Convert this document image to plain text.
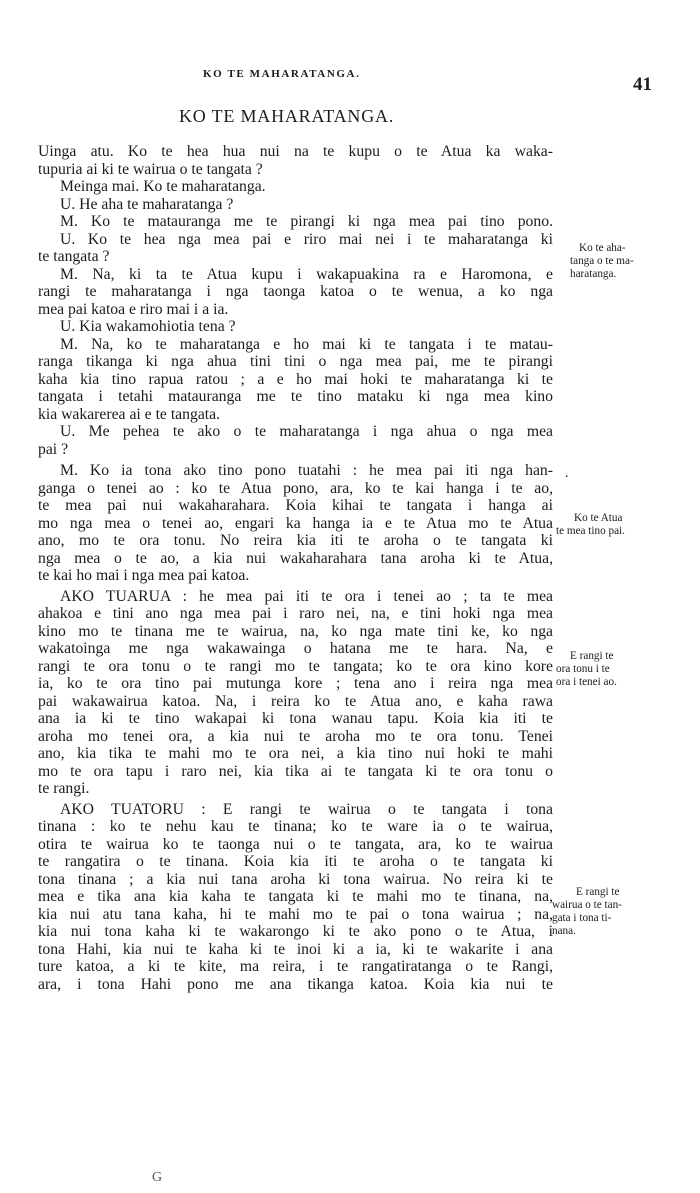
KO TE MAHARATANGA.	41
KO TE MAHARATANGA.
Uinga atu. Ko te hea hua nui na te kupu o te Atua ka waka-
tupuria ai ki te wairua o te tangata ?
Meinga mai. Ko te maharatanga.
U. He aha te maharatanga ?
M. Ko te matauranga me te pirangi ki nga mea pai tino pono.
U. Ko te hea nga mea pai e riro mai nei i te maharatanga ki
te tangata ?
M. Na, ki ta te Atua kupu i wakapuakina ra e Haromona, e
rangi te maharatanga i nga taonga katoa o te wenua, a ko nga
mea pai katoa e riro mai i a ia.
U. Kia wakamohiotia tena ?
M. Na, ko te maharatanga e ho mai ki te tangata i te matau-
ranga tikanga ki nga ahua tini tini o nga mea pai, me te pirangi
kaha kia tino rapua ratou ; a e ho mai hoki te maharatanga ki te
tangata i tetahi matauranga me te tino mataku ki nga mea kino
kia wakarerea ai e te tangata.
U. Me pehea te ako o te maharatanga i nga ahua o nga mea
pai ?
M. Ko ia tona ako tino pono tuatahi : he mea pai iti nga han-
ganga o tenei ao : ko te Atua pono, ara, ko te kai hanga i te ao,
te mea pai nui wakaharahara. Koia kihai te tangata i hanga ai
mo nga mea o tenei ao, engari ka hanga ia e te Atua mo te Atua
ano, mo te ora tonu. No reira kia iti te aroha o te tangata ki
nga mea o te ao, a kia nui wakaharahara tana aroha ki te Atua,
te kai ho mai i nga mea pai katoa.
AKO TUARUA : he mea pai iti te ora i tenei ao ; ta te mea
ahakoa e tini ano nga mea pai i raro nei, na, e tini hoki nga mea
kino mo te tinana me te wairua, na, ko nga mate tini ke, ko nga
wakatoinga me nga wakawainga o hatana me te hara. Na, e
rangi te ora tonu o te rangi mo te tangata; ko te ora kino kore
ia, ko te ora tino pai mutunga kore ; tena ano i reira nga mea
pai wakawairua katoa. Na, i reira ko te Atua ano, e kaha rawa
ana ia ki te tino wakapai ki tona wanau tapu. Koia kia iti te
aroha mo tenei ora, a kia nui te aroha mo te ora tonu. Tenei
ano, kia tika te mahi mo te ora nei, a kia tino nui hoki te mahi
mo te ora tapu i raro nei, kia tika ai te tangata ki te ora tonu o
te rangi.
AKO TUATORU : E rangi te wairua o te tangata i tona
tinana : ko te nehu kau te tinana; ko te ware ia o te wairua,
otira te wairua ko te taonga nui o te tangata, ara, ko te wairua
te rangatira o te tinana. Koia kia iti te aroha o te tangata ki
tona tinana ; a kia nui tana aroha ki tona wairua. No reira ki te
mea e tika ana kia kaha te tangata ki te mahi mo te tinana, na,
kia nui atu tana kaha, hi te mahi mo te pai o tona wairua ; na,
kia nui tona kaha ki te wakarongo ki te ako pono o te Atua, i
tona Hahi, kia nui te kaha ki te inoi ki a ia, ki te wakarite i ana
ture katoa, a ki te kite, ma reira, i te rangatiratanga o te Rangi,
ara, i tona Hahi pono me ana tikanga katoa. Koia kia nui te
Ko te aha-
tanga o te ma-
haratanga.
Ko te Atua
te mea tino pai.
E rangi te
ora tonu i te
ora i tenei ao.
E rangi te
wairua o te tan-
gata i tona ti-
nana.
.
G
